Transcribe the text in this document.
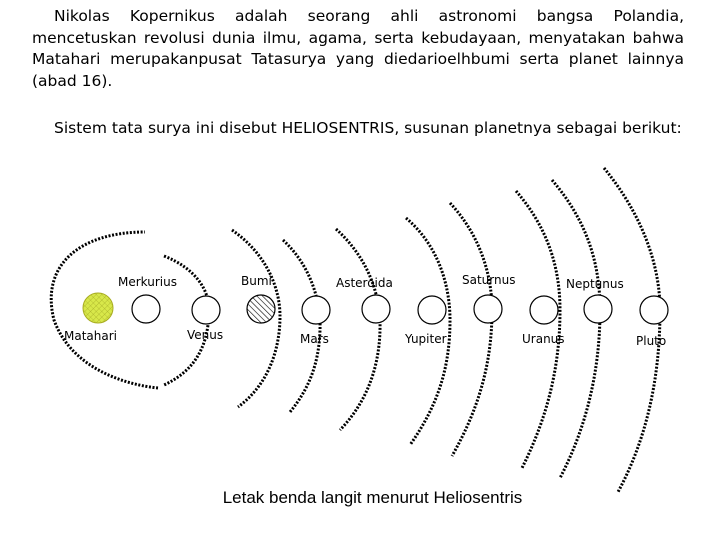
Nikolas Kopernikus adalah seorang ahli astronomi bangsa Polandia, mencetuskan revolusi dunia ilmu, agama, serta kebudayaan, menyatakan bahwa Matahari merupakanpusat Tatasurya yang diedarioelhbumi serta planet lainnya (abad 16).

Sistem tata surya ini disebut HELIOSENTRIS, susunan planetnya sebagai berikut:

Matahari
Merkurius
Venus
Bumi
Mars
Asteroida
Yupiter
Saturnus
Uranus
Neptunus
Pluto
Letak benda langit menurut Heliosentris
